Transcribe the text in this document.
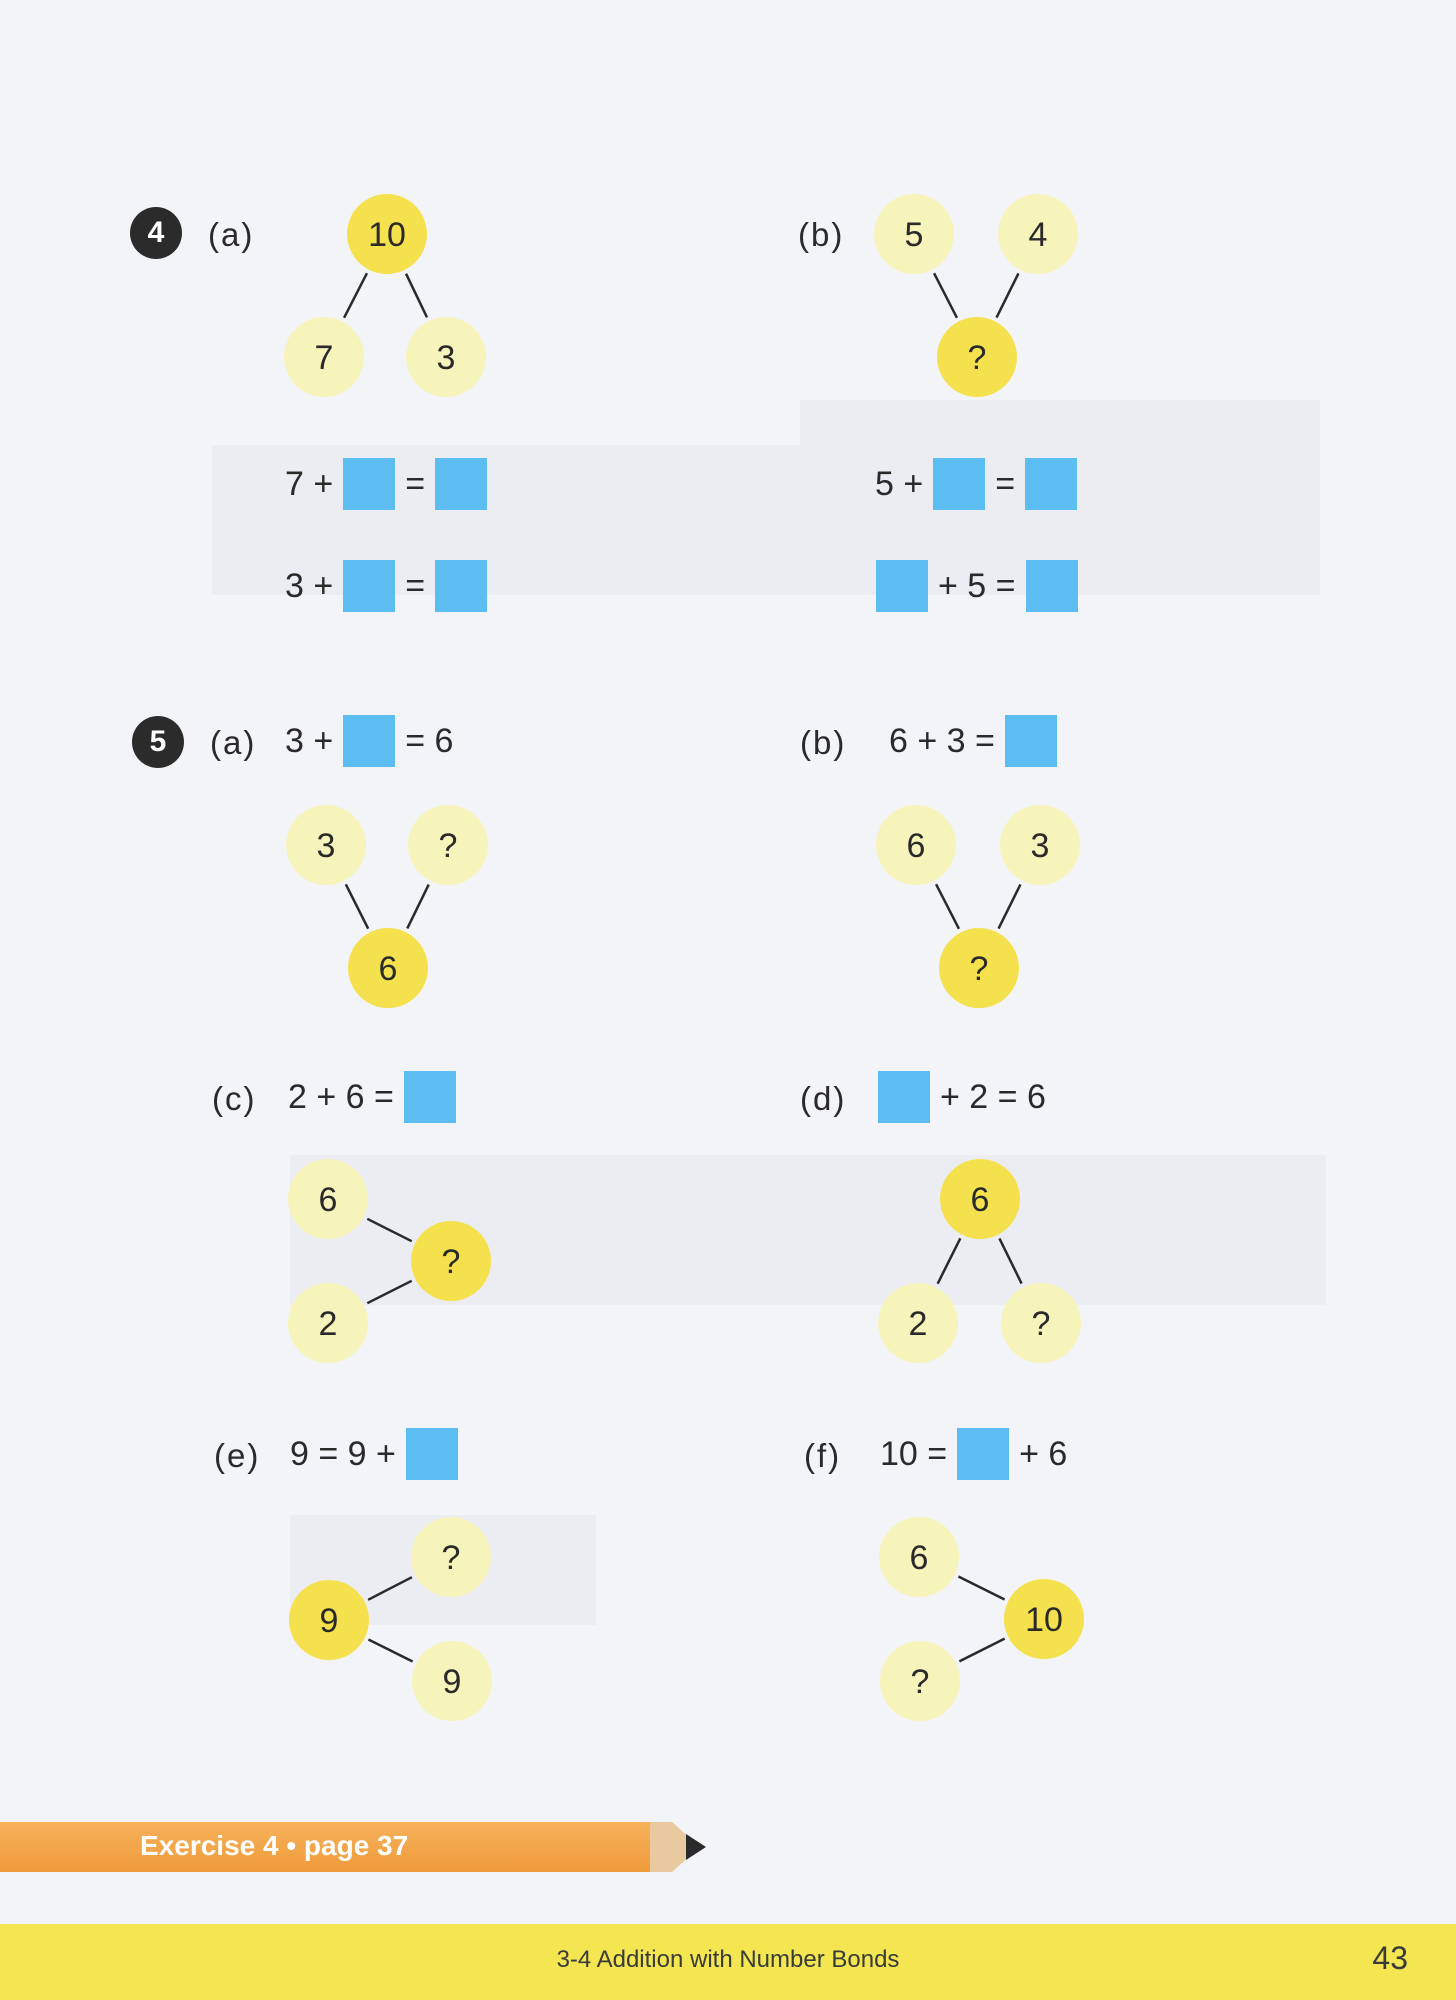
4 (a)	(b)
7 + =
3 + =
5 + =
+ 5 =
5 (a) 3 + = 6	(b) 6 + 3 =
(c) 2 + 6 =	(d)	+ 2 = 6
(e) 9 = 9 +	(f) 10 = + 6
10
7	3	?
5	4
6
3	?
?
6	3
?
6
2
6
2	?
9
?
9
10
6
?
Exercise 4 • page 37
3-4 Addition with Number Bonds	43
